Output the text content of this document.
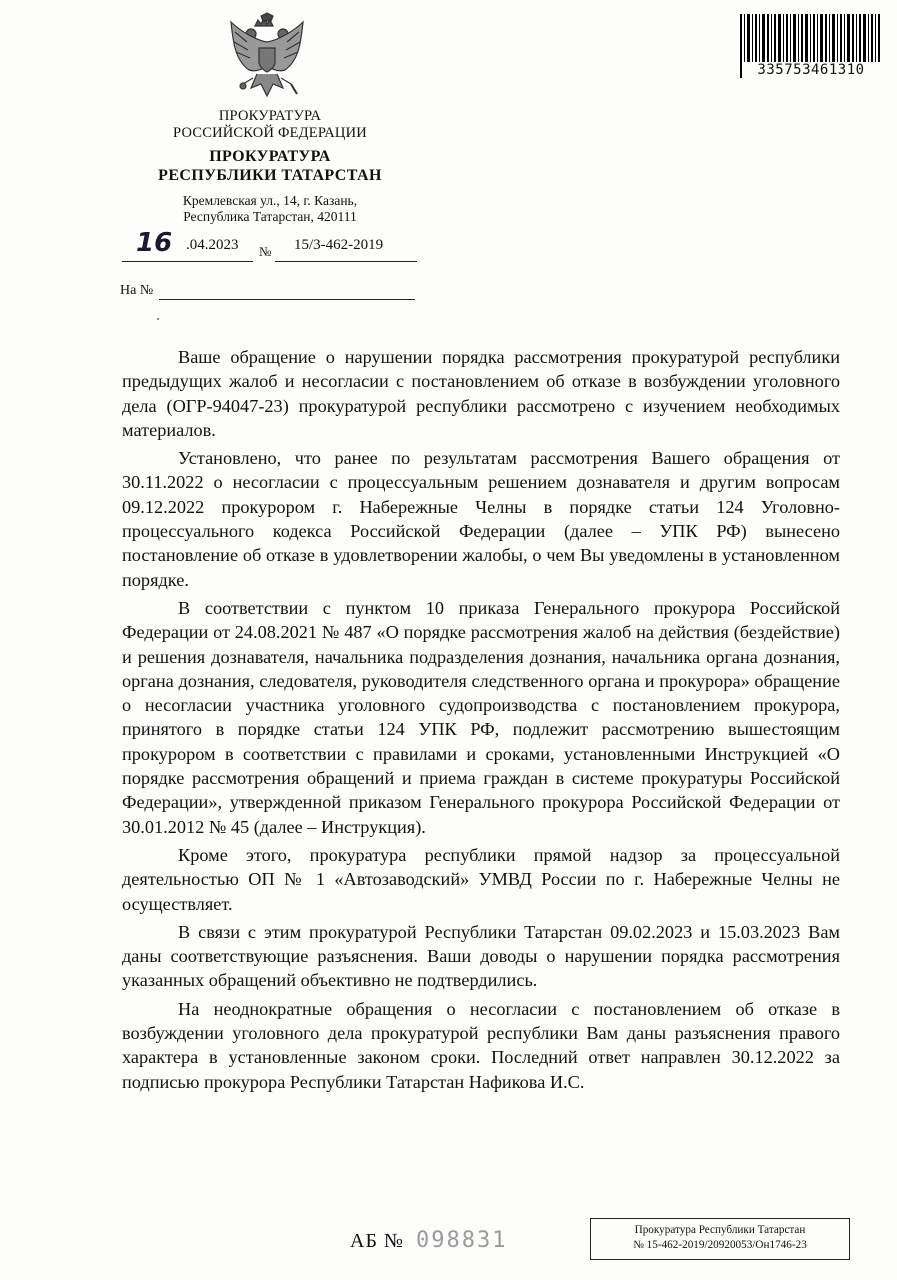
335753461310
ПРОКУРАТУРА
РОССИЙСКОЙ ФЕДЕРАЦИИ
ПРОКУРАТУРА
РЕСПУБЛИКИ ТАТАРСТАН
Кремлевская ул., 14, г. Казань,
Республика Татарстан, 420111
16 .04.2023 № 15/3-462-2019
На №

Ваше обращение о нарушении порядка рассмотрения прокуратурой республики предыдущих жалоб и несогласии с постановлением об отказе в возбуждении уголовного дела (ОГР-94047-23) прокуратурой республики рассмотрено с изучением необходимых материалов.

Установлено, что ранее по результатам рассмотрения Вашего обращения от 30.11.2022 о несогласии с процессуальным решением дознавателя и другим вопросам 09.12.2022 прокурором г. Набережные Челны в порядке статьи 124 Уголовно-процессуального кодекса Российской Федерации (далее – УПК РФ) вынесено постановление об отказе в удовлетворении жалобы, о чем Вы уведомлены в установленном порядке.

В соответствии с пунктом 10 приказа Генерального прокурора Российской Федерации от 24.08.2021 № 487 «О порядке рассмотрения жалоб на действия (бездействие) и решения дознавателя, начальника подразделения дознания, начальника органа дознания, органа дознания, следователя, руководителя следственного органа и прокурора» обращение о несогласии участника уголовного судопроизводства с постановлением прокурора, принятого в порядке статьи 124 УПК РФ, подлежит рассмотрению вышестоящим прокурором в соответствии с правилами и сроками, установленными Инструкцией «О порядке рассмотрения обращений и приема граждан в системе прокуратуры Российской Федерации», утвержденной приказом Генерального прокурора Российской Федерации от 30.01.2012 № 45 (далее – Инструкция).

Кроме этого, прокуратура республики прямой надзор за процессуальной деятельностью ОП № 1 «Автозаводский» УМВД России по г. Набережные Челны не осуществляет.

В связи с этим прокуратурой Республики Татарстан 09.02.2023 и 15.03.2023 Вам даны соответствующие разъяснения. Ваши доводы о нарушении порядка рассмотрения указанных обращений объективно не подтвердились.

На неоднократные обращения о несогласии с постановлением об отказе в возбуждении уголовного дела прокуратурой республики Вам даны разъяснения правого характера в установленные законом сроки. Последний ответ направлен 30.12.2022 за подписью прокурора Республики Татарстан Нафикова И.С.

АБ № 098831	Прокуратура Республики Татарстан
№ 15-462-2019/20920053/Он1746-23
